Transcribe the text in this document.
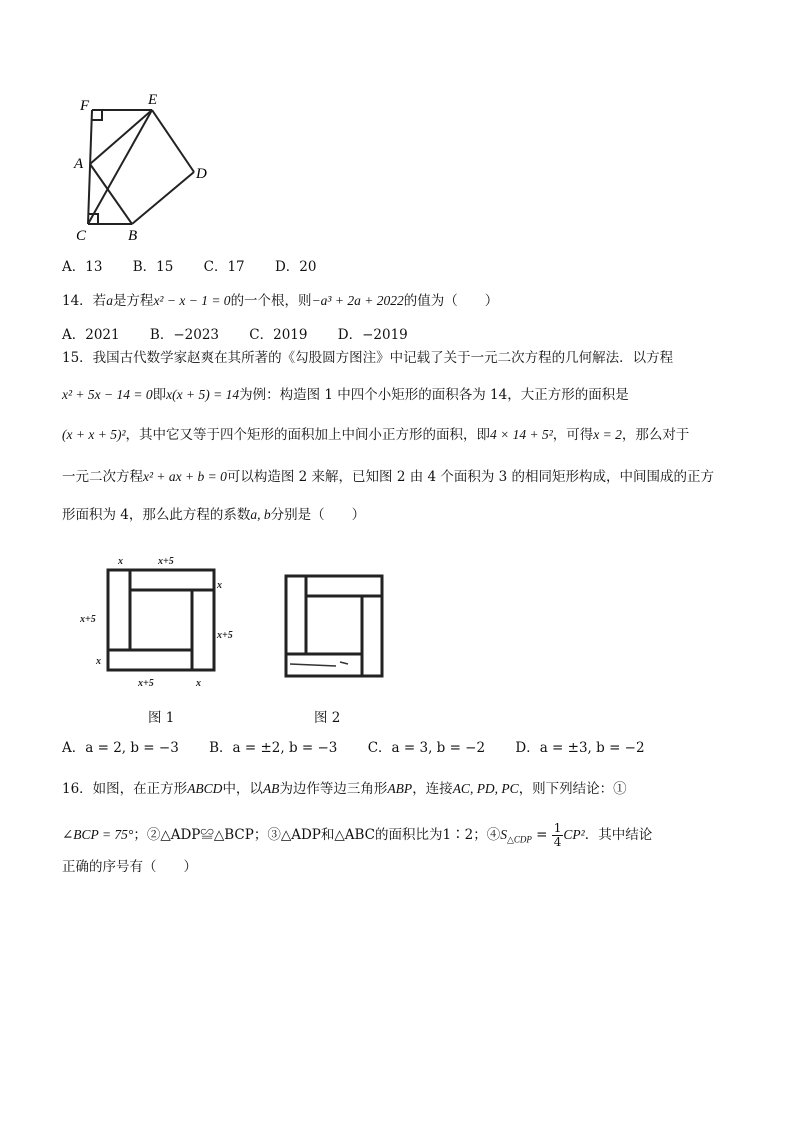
F	E
A
D
C	B
A．13 B．15 C．17 D．20
14．若a是方程x² − x − 1 = 0的一个根，则−a³ + 2a + 2022的值为（　　）
A．2021 B．−2023 C．2019 D．−2019
15．我国古代数学家赵爽在其所著的《勾股圆方图注》中记载了关于一元二次方程的几何解法．以方程
x² + 5x − 14 = 0即x(x + 5) = 14为例：构造图 1 中四个小矩形的面积各为 14，大正方形的面积是
(x + x + 5)²，其中它又等于四个矩形的面积加上中间小正方形的面积，即4 × 14 + 5²，可得x = 2，那么对于
一元二次方程x² + ax + b = 0可以构造图 2 来解，已知图 2 由 4 个面积为 3 的相同矩形构成，中间围成的正方
形面积为 4，那么此方程的系数a, b分别是（　　）
x	x+5
x
x+5
x+5
x
x+5	x
图 1	图 2
A．a = 2, b = −3 B．a = ±2, b = −3 C．a = 3, b = −2 D．a = ±3, b = −2
16．如图，在正方形ABCD中，以AB为边作等边三角形ABP，连接AC, PD, PC，则下列结论：①
∠BCP = 75°；②△ADP≌△BCP；③△ADP和△ABC的面积比为1∶2；$④S_{\triangle CDP} = \frac{1}{4} CP^2$．其中结论
正确的序号有（　　）
